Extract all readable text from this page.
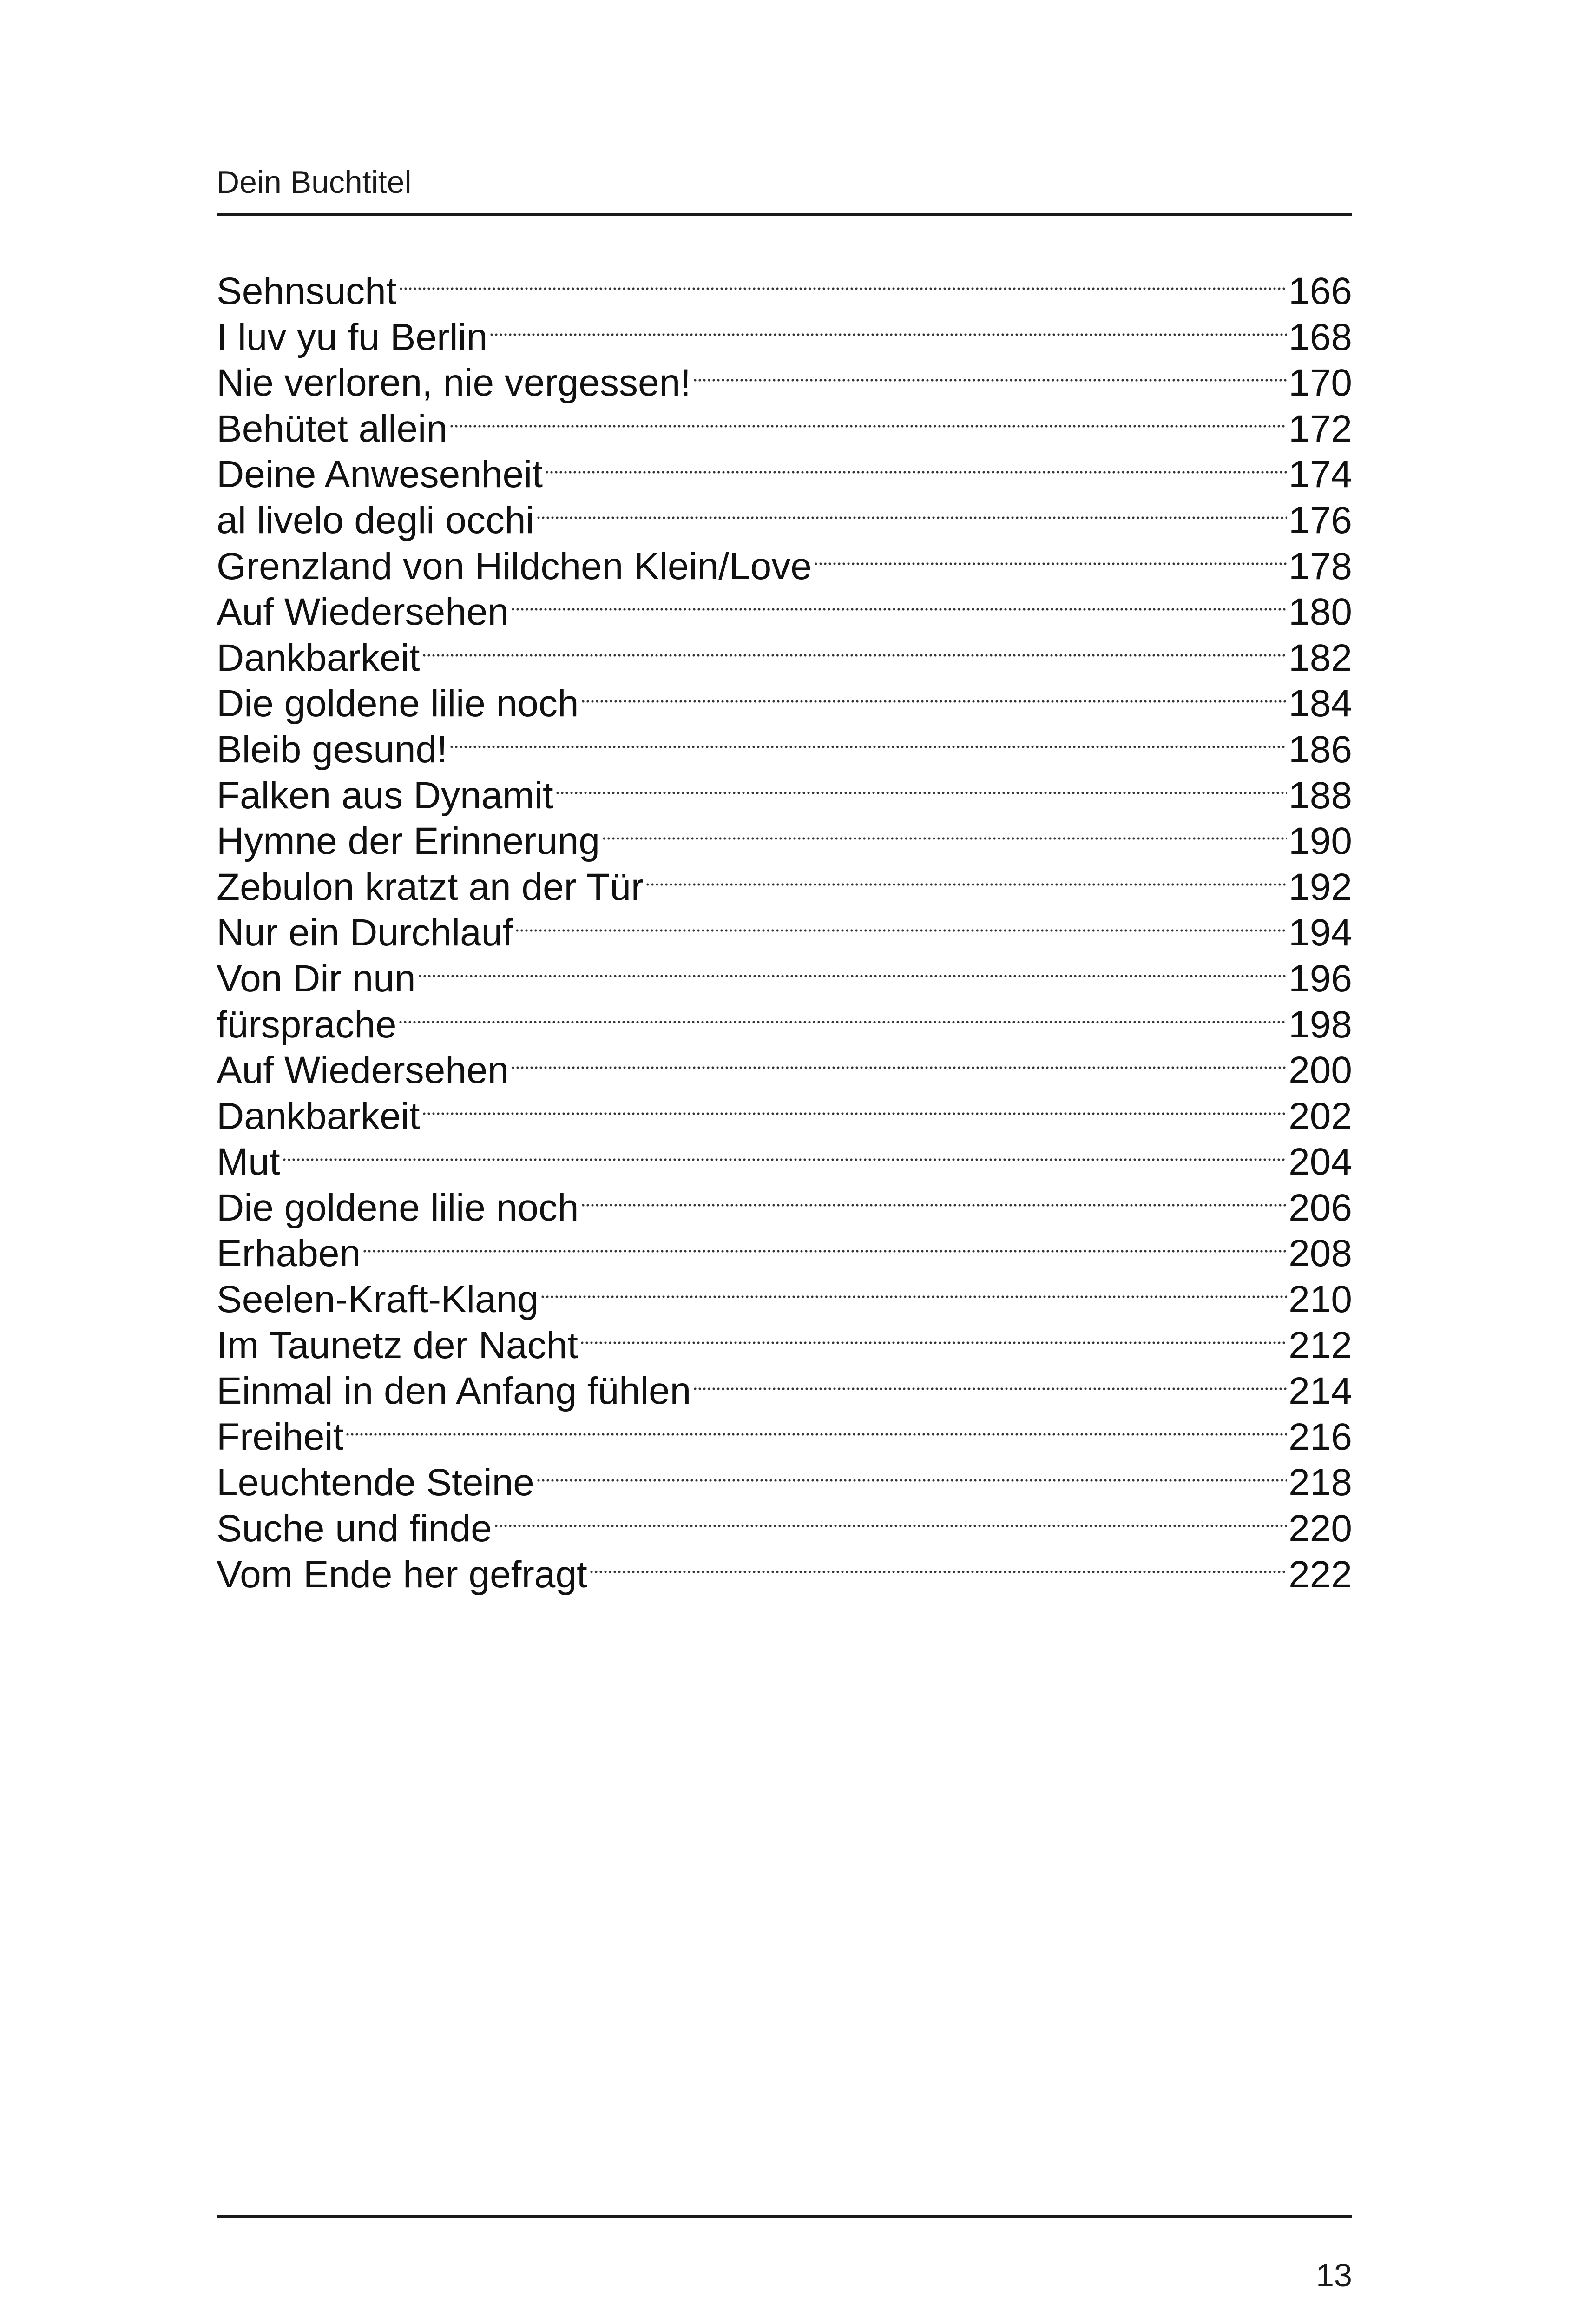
Dein Buchtitel
Sehnsucht	166
I luv yu fu Berlin	168
Nie verloren, nie vergessen!	170
Behütet allein	172
Deine Anwesenheit	174
al livelo degli occhi	176
Grenzland von Hildchen Klein/Love	178
Auf Wiedersehen	180
Dankbarkeit	182
Die goldene lilie noch	184
Bleib gesund!	186
Falken aus Dynamit	188
Hymne der Erinnerung	190
Zebulon kratzt an der Tür	192
Nur ein Durchlauf	194
Von Dir nun	196
fürsprache	198
Auf Wiedersehen	200
Dankbarkeit	202
Mut	204
Die goldene lilie noch	206
Erhaben	208
Seelen-Kraft-Klang	210
Im Taunetz der Nacht	212
Einmal in den Anfang fühlen	214
Freiheit	216
Leuchtende Steine	218
Suche und finde	220
Vom Ende her gefragt	222
13
